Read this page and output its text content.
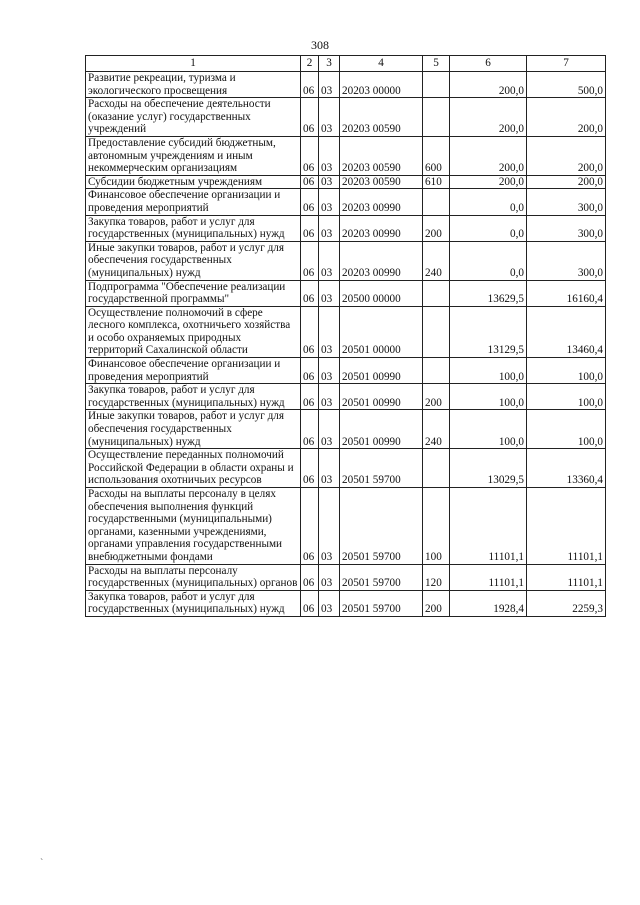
308
1	2	3	4	5	6	7
Развитие рекреации, туризма и экологического просвещения	06	03	20203 00000		200,0	500,0
Расходы на обеспечение деятельности (оказание услуг) государственных учреждений	06	03	20203 00590		200,0	200,0
Предоставление субсидий бюджетным, автономным учреждениям и иным некоммерческим организациям	06	03	20203 00590	600	200,0	200,0
Субсидии бюджетным учреждениям	06	03	20203 00590	610	200,0	200,0
Финансовое обеспечение организации и проведения мероприятий	06	03	20203 00990		0,0	300,0
Закупка товаров, работ и услуг для государственных (муниципальных) нужд	06	03	20203 00990	200	0,0	300,0
Иные закупки товаров, работ и услуг для обеспечения государственных (муниципальных) нужд	06	03	20203 00990	240	0,0	300,0
Подпрограмма "Обеспечение реализации государственной программы"	06	03	20500 00000		13629,5	16160,4
Осуществление полномочий в сфере лесного комплекса, охотничьего хозяйства и особо охраняемых природных территорий Сахалинской области	06	03	20501 00000		13129,5	13460,4
Финансовое обеспечение организации и проведения мероприятий	06	03	20501 00990		100,0	100,0
Закупка товаров, работ и услуг для государственных (муниципальных) нужд	06	03	20501 00990	200	100,0	100,0
Иные закупки товаров, работ и услуг для обеспечения государственных (муниципальных) нужд	06	03	20501 00990	240	100,0	100,0
Осуществление переданных полномочий Российской Федерации в области охраны и использования охотничьих ресурсов	06	03	20501 59700		13029,5	13360,4
Расходы на выплаты персоналу в целях обеспечения выполнения функций государственными (муниципальными) органами, казенными учреждениями, органами управления государственными внебюджетными фондами	06	03	20501 59700	100	11101,1	11101,1
Расходы на выплаты персоналу государственных (муниципальных) органов	06	03	20501 59700	120	11101,1	11101,1
Закупка товаров, работ и услуг для государственных (муниципальных) нужд	06	03	20501 59700	200	1928,4	2259,3
`
